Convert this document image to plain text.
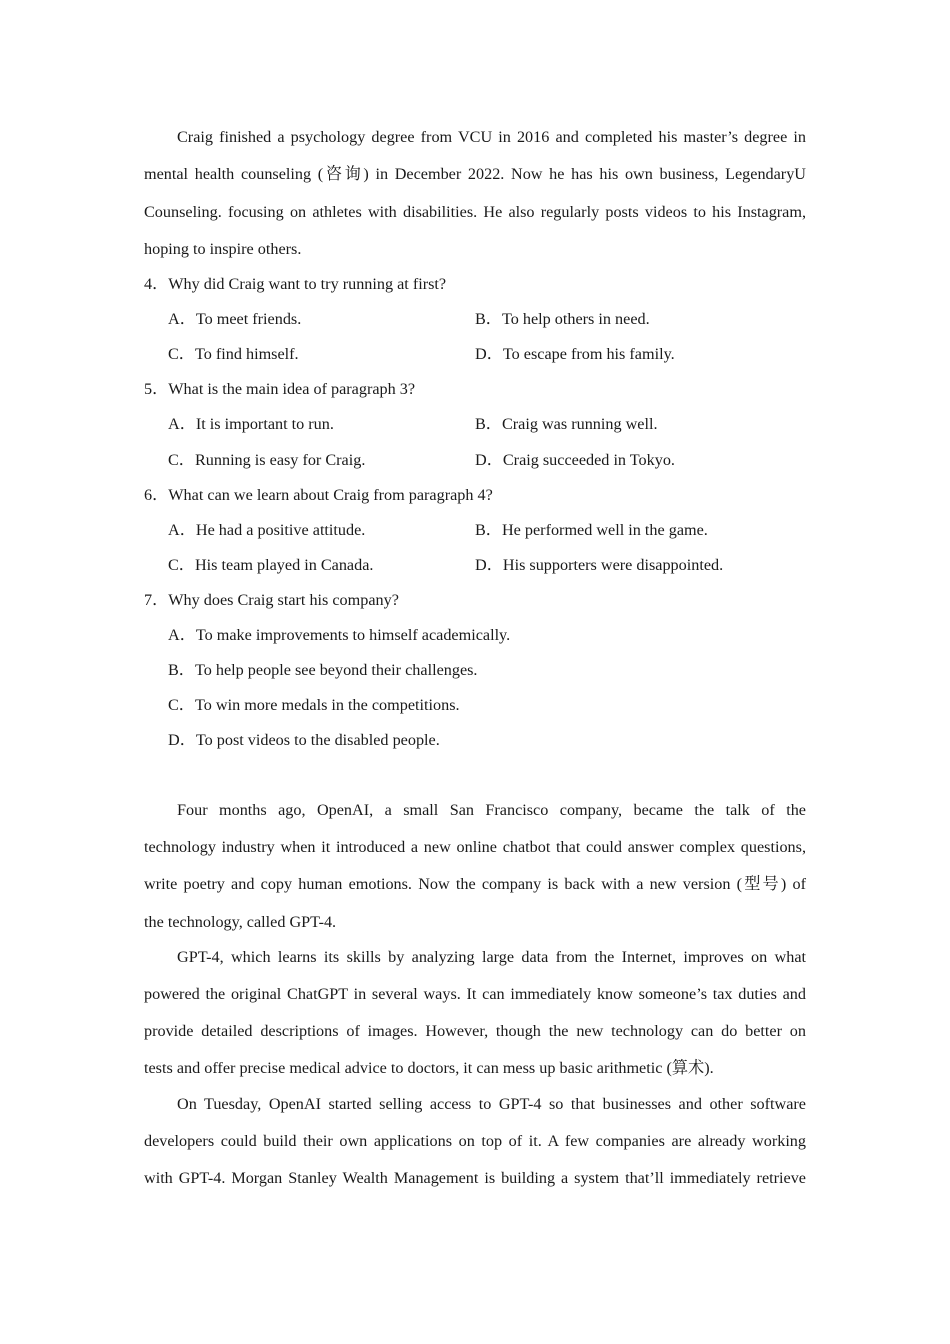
Craig finished a psychology degree from VCU in 2016 and completed his master’s degree in
mental health counseling (咨询) in December 2022. Now he has his own business, LegendaryU
Counseling. focusing on athletes with disabilities. He also regularly posts videos to his Instagram,
hoping to inspire others.
4．Why did Craig want to try running at first?
A．To meet friends.	B．To help others in need.
C．To find himself.	D．To escape from his family.
5．What is the main idea of paragraph 3?
A．It is important to run.	B．Craig was running well.
C．Running is easy for Craig.	D．Craig succeeded in Tokyo.
6．What can we learn about Craig from paragraph 4?
A．He had a positive attitude.	B．He performed well in the game.
C．His team played in Canada.	D．His supporters were disappointed.
7．Why does Craig start his company?
A．To make improvements to himself academically.
B．To help people see beyond their challenges.
C．To win more medals in the competitions.
D．To post videos to the disabled people.
Four months ago, OpenAI, a small San Francisco company, became the talk of the
technology industry when it introduced a new online chatbot that could answer complex questions,
write poetry and copy human emotions. Now the company is back with a new version (型号) of
the technology, called GPT-4.
GPT-4, which learns its skills by analyzing large data from the Internet, improves on what
powered the original ChatGPT in several ways. It can immediately know someone’s tax duties and
provide detailed descriptions of images. However, though the new technology can do better on
tests and offer precise medical advice to doctors, it can mess up basic arithmetic (算术).
On Tuesday, OpenAI started selling access to GPT-4 so that businesses and other software
developers could build their own applications on top of it. A few companies are already working
with GPT-4. Morgan Stanley Wealth Management is building a system that’ll immediately retrieve
